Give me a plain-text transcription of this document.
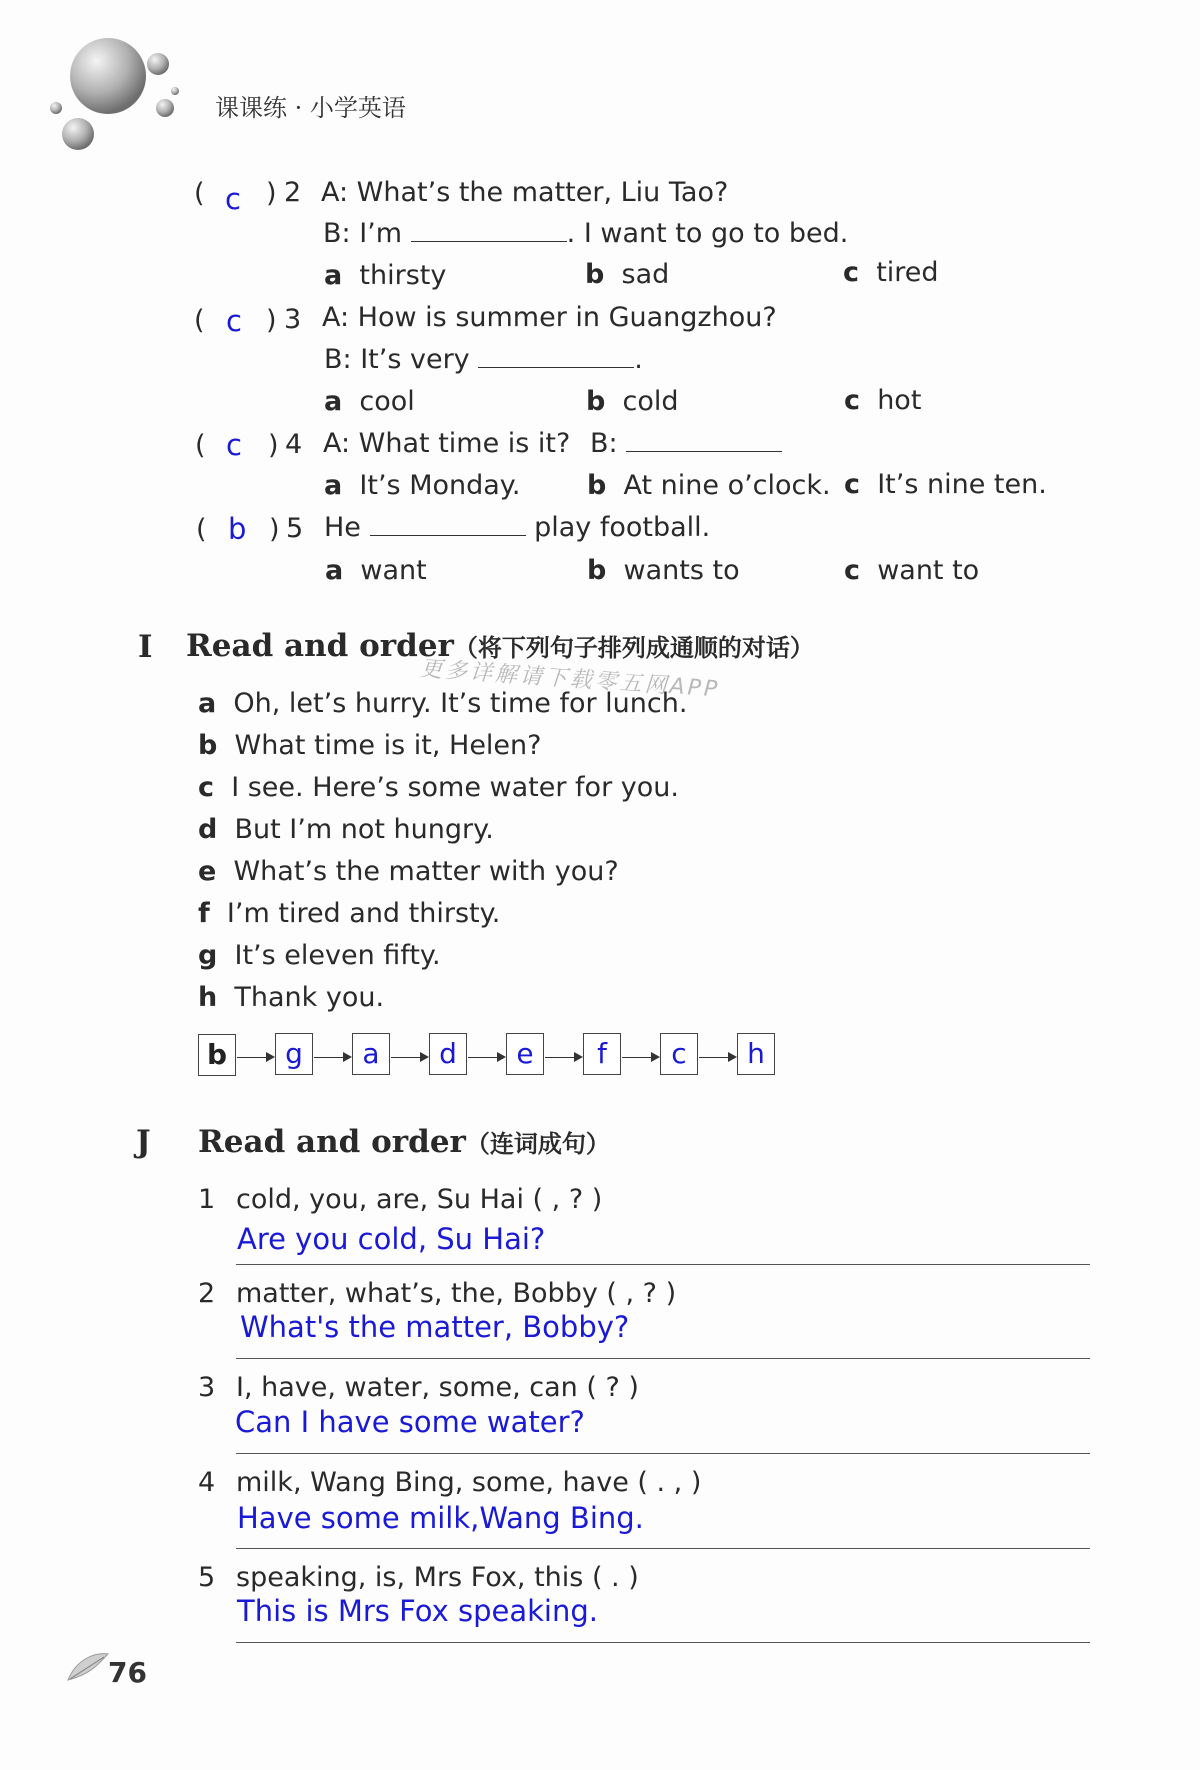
课课练 · 小学英语
( c ) 2 A: What’s the matter, Liu Tao?
B: I’m	. I want to go to bed.
a thirsty	b sad	c tired
( c ) 3 A: How is summer in Guangzhou?
B: It’s very	.
a cool	b cold	c hot
( c ) 4 A: What time is it? B:
a It’s Monday. b At nine o’clock. c It’s nine ten.
( b ) 5 He	play football.
a want	b wants to	c want to
I Read and order（将下列句子排列成通顺的对话）
更多详解请下载零五网APP
a Oh, let’s hurry. It’s time for lunch.
b What time is it, Helen?
c I see. Here’s some water for you.
d But I’m not hungry.
e What’s the matter with you?
f I’m tired and thirsty.
g It’s eleven fifty.
h Thank you.
b	g	a	d	e	f	c	h
J Read and order（连词成句）
1 cold, you, are, Su Hai ( , ? )
Are you cold, Su Hai?
2 matter, what’s, the, Bobby ( , ? )
What's the matter, Bobby?
3 I, have, water, some, can ( ? )
Can I have some water?
4 milk, Wang Bing, some, have ( . , )
Have some milk,Wang Bing.
5 speaking, is, Mrs Fox, this ( . )
This is Mrs Fox speaking.
76
